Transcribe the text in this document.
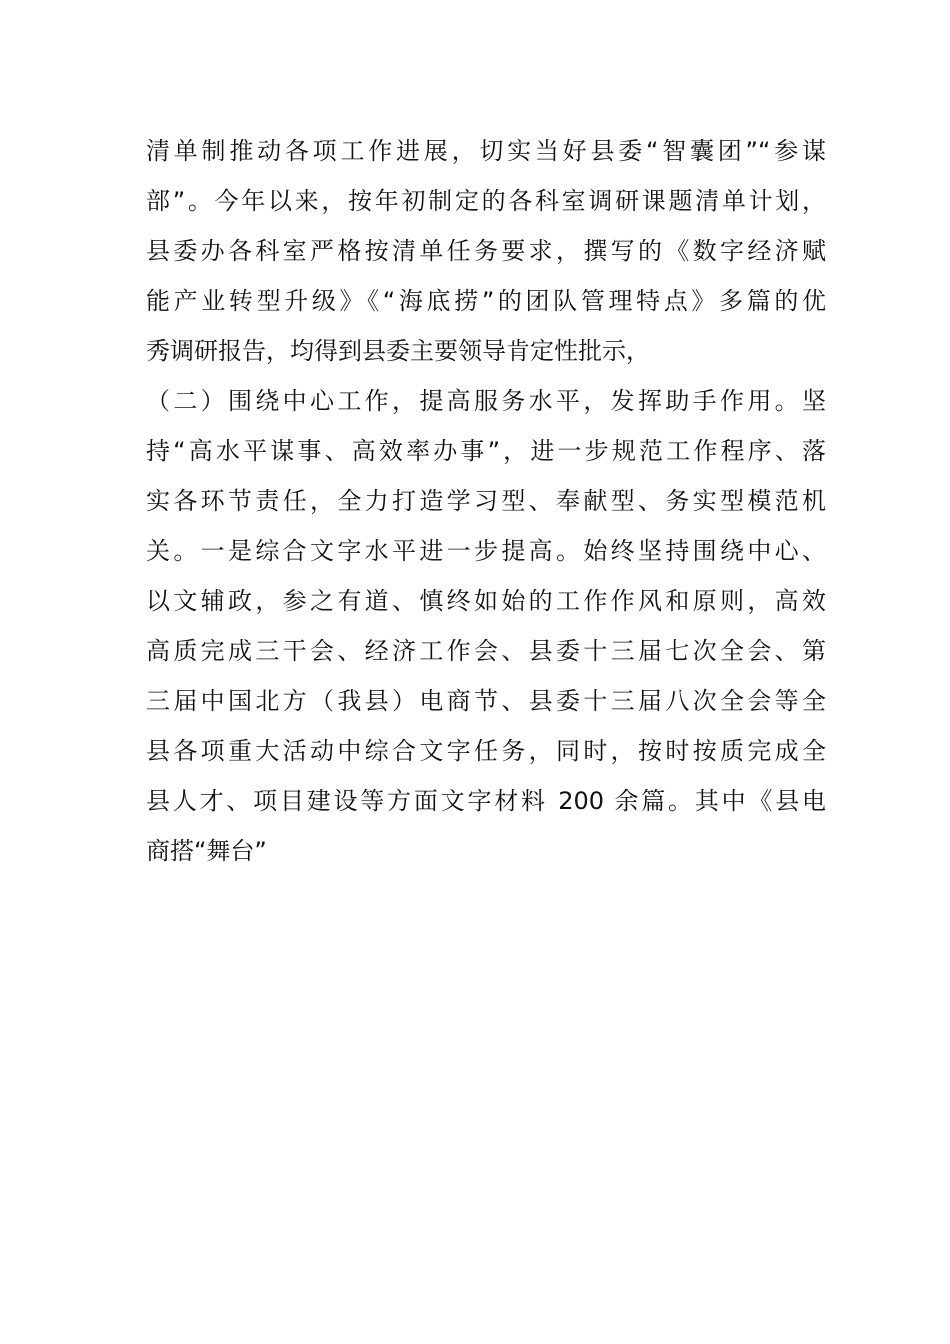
清单制推动各项工作进展，切实当好县委“智囊团”“参谋
部”。今年以来，按年初制定的各科室调研课题清单计划，
县委办各科室严格按清单任务要求，撰写的《数字经济赋
能产业转型升级》《“海底捞”的团队管理特点》多篇的优
秀调研报告，均得到县委主要领导肯定性批示，
（二）围绕中心工作，提高服务水平，发挥助手作用。坚
持“高水平谋事、高效率办事”，进一步规范工作程序、落
实各环节责任，全力打造学习型、奉献型、务实型模范机
关。一是综合文字水平进一步提高。始终坚持围绕中心、
以文辅政，参之有道、慎终如始的工作作风和原则，高效
高质完成三干会、经济工作会、县委十三届七次全会、第
三届中国北方（我县）电商节、县委十三届八次全会等全
县各项重大活动中综合文字任务，同时，按时按质完成全
县人才、项目建设等方面文字材料 200 余篇。其中《县电
商搭“舞台”
